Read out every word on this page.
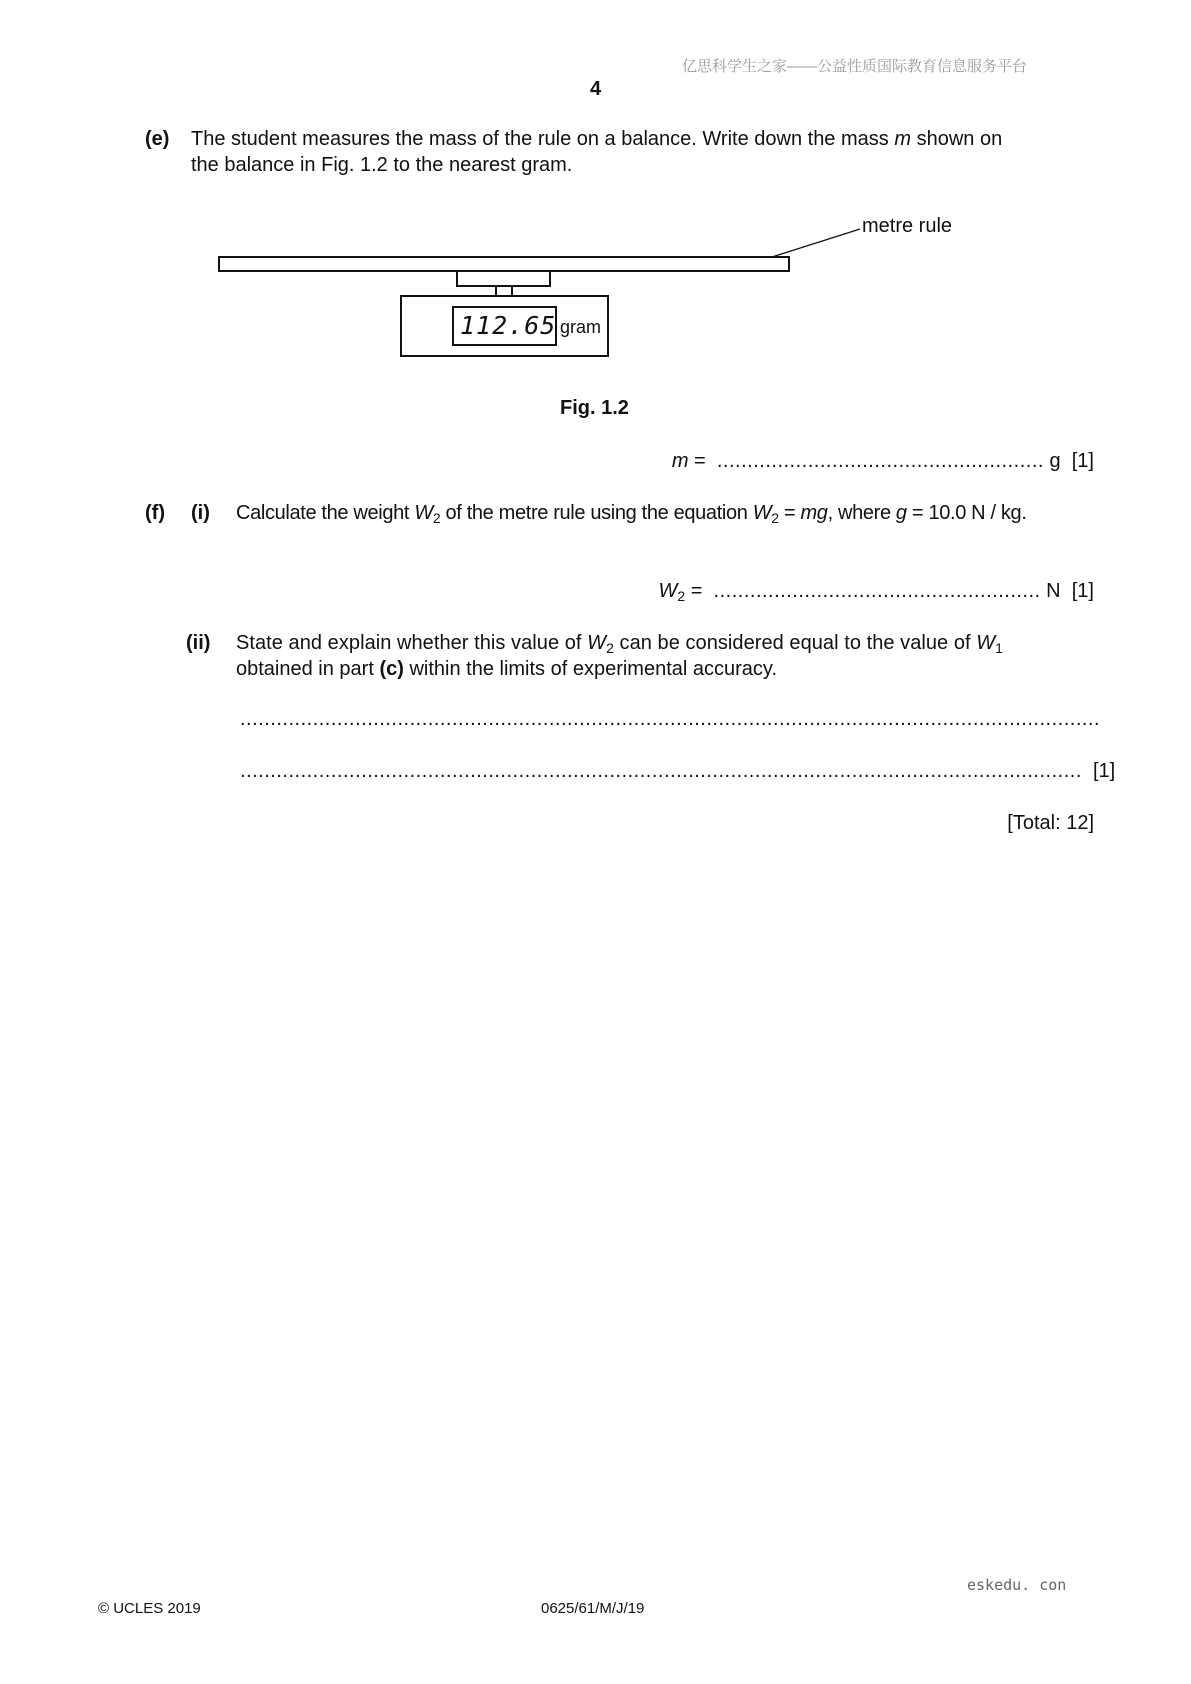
亿思科学生之家——公益性质国际教育信息服务平台
4
(e) The student measures the mass of the rule on a balance. Write down the mass m shown on
the balance in Fig. 1.2 to the nearest gram.
112.65 gram
metre rule
Fig. 1.2
m = ...................................................... g [1]
(f) (i) Calculate the weight $W_2$ of the metre rule using the equation $W_2$ = mg, where g = 10.0 N / kg.
$W_2$ = ...................................................... N [1]
(ii) State and explain whether this value of $W_2$ can be considered equal to the value of $W_1$
obtained in part (c) within the limits of experimental accuracy.
..............................................................................................................................................
........................................................................................................................................... [1]
[Total: 12]
eskedu. con
© UCLES 2019	0625/61/M/J/19
